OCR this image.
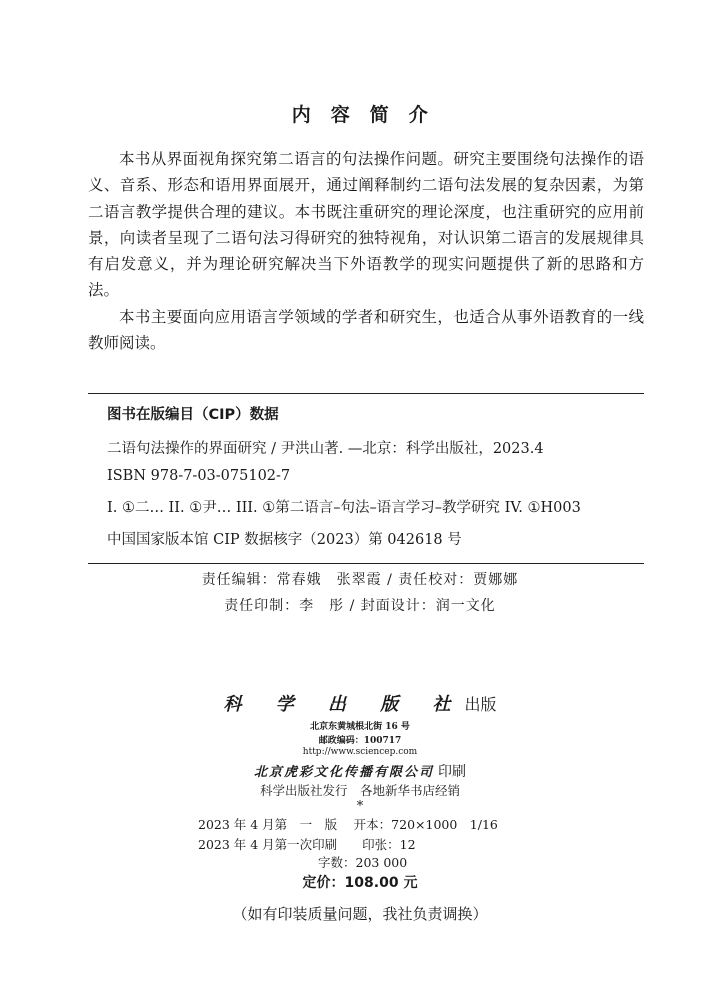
内　容　简　介

本书从界面视角探究第二语言的句法操作问题。研究主要围绕句法操作的语义、音系、形态和语用界面展开，通过阐释制约二语句法发展的复杂因素，为第二语言教学提供合理的建议。本书既注重研究的理论深度，也注重研究的应用前景，向读者呈现了二语句法习得研究的独特视角，对认识第二语言的发展规律具有启发意义，并为理论研究解决当下外语教学的现实问题提供了新的思路和方法。

本书主要面向应用语言学领域的学者和研究生，也适合从事外语教育的一线教师阅读。

图书在版编目（CIP）数据
二语句法操作的界面研究 / 尹洪山著. —北京：科学出版社，2023.4
ISBN 978-7-03-075102-7
I. ①二… II. ①尹… III. ①第二语言–句法–语言学习–教学研究 IV. ①H003
中国国家版本馆 CIP 数据核字（2023）第 042618 号
责任编辑：常春娥　张翠霞 / 责任校对：贾娜娜
责任印制：李　彤 / 封面设计：润一文化
科 学 出 版 社出版
北京东黄城根北街 16 号
邮政编码：100717
http://www.sciencep.com
北京虎彩文化传播有限公司 印刷
科学出版社发行　各地新华书店经销
*
2023 年 4 月第　一　版　 开本：720×1000　1/16
2023 年 4 月第一次印刷　　印张：12
字数：203 000
定价：108.00 元
（如有印装质量问题，我社负责调换）
